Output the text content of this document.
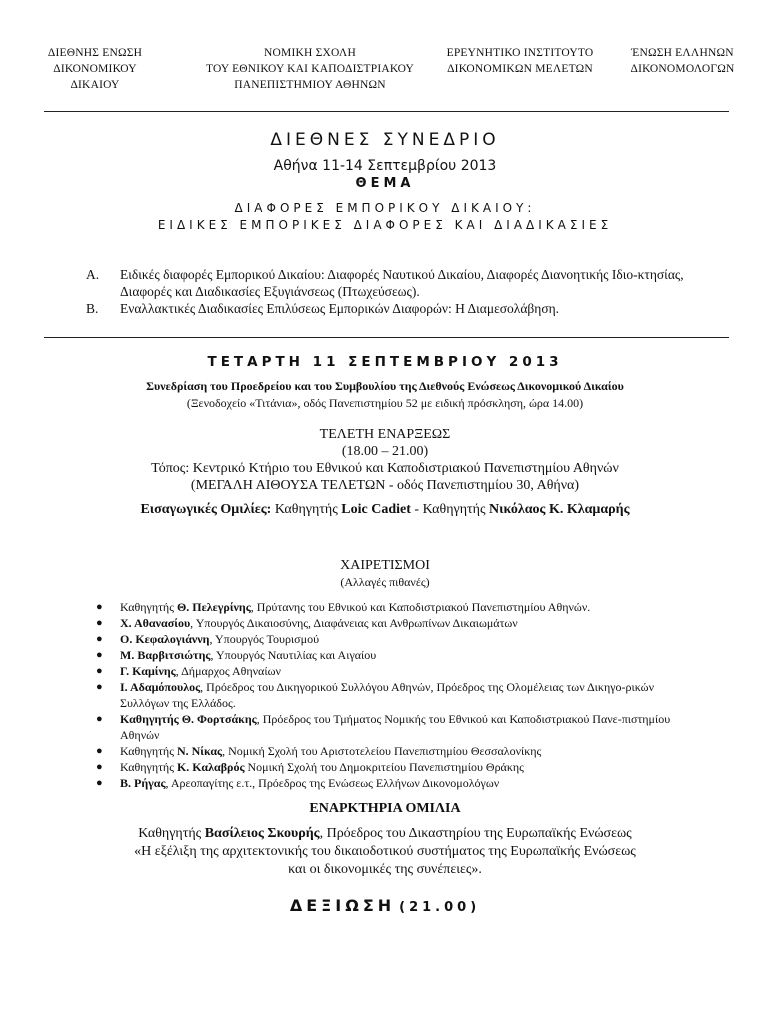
ΔΙΕΘΝΗΣ ΕΝΩΣΗ
ΔΙΚΟΝΟΜΙΚΟΥ ΔΙΚΑΙΟΥ
ΝΟΜΙΚΗ ΣΧΟΛΗ
ΤΟΥ ΕΘΝΙΚΟΥ ΚΑΙ ΚΑΠΟΔΙΣΤΡΙΑΚΟΥ
ΠΑΝΕΠΙΣΤΗΜΙΟΥ ΑΘΗΝΩΝ
ΕΡΕΥΝΗΤΙΚΟ ΙΝΣΤΙΤΟΥΤΟ
ΔΙΚΟΝΟΜΙΚΩΝ ΜΕΛΕΤΩΝ
ΈΝΩΣΗ ΕΛΛΗΝΩΝ
ΔΙΚΟΝΟΜΟΛΟΓΩΝ
ΔΙΕΘΝΕΣ ΣΥΝΕΔΡΙΟ
Αθήνα 11-14 Σεπτεμβρίου 2013
ΘΕΜΑ
ΔΙΑΦΟΡΕΣ ΕΜΠΟΡΙΚΟΥ ΔΙΚΑΙΟΥ:
ΕΙΔΙΚΕΣ ΕΜΠΟΡΙΚΕΣ ΔΙΑΦΟΡΕΣ ΚΑΙ ΔΙΑΔΙΚΑΣΙΕΣ

A. Ειδικές διαφορές Εμπορικού Δικαίου: Διαφορές Ναυτικού Δικαίου, Διαφορές Διανοητικής Ιδιο-κτησίας, Διαφορές και Διαδικασίες Εξυγιάνσεως (Πτωχεύσεως).

B. Εναλλακτικές Διαδικασίες Επιλύσεως Εμπορικών Διαφορών: Η Διαμεσολάβηση.

ΤΕΤΑΡΤΗ 11 ΣΕΠΤΕΜΒΡΙΟΥ 2013
Συνεδρίαση του Προεδρείου και του Συμβουλίου της Διεθνούς Ενώσεως Δικονομικού Δικαίου
(Ξενοδοχείο «Τιτάνια», οδός Πανεπιστημίου 52 με ειδική πρόσκληση, ώρα 14.00)
ΤΕΛΕΤΗ ΕΝΑΡΞΕΩΣ
(18.00 – 21.00)
Τόπος: Κεντρικό Κτήριο του Εθνικού και Καποδιστριακού Πανεπιστημίου Αθηνών
(ΜΕΓΑΛΗ ΑΙΘΟΥΣΑ ΤΕΛΕΤΩΝ - οδός Πανεπιστημίου 30, Αθήνα)
Εισαγωγικές Ομιλίες: Καθηγητής Loic Cadiet - Καθηγητής Νικόλαος Κ. Κλαμαρής
ΧΑΙΡΕΤΙΣΜΟΙ
(Αλλαγές πιθανές)
● Καθηγητής Θ. Πελεγρίνης, Πρύτανης του Εθνικού και Καποδιστριακού Πανεπιστημίου Αθηνών.
● Χ. Αθανασίου, Υπουργός Δικαιοσύνης, Διαφάνειας και Ανθρωπίνων Δικαιωμάτων
● Ο. Κεφαλογιάννη, Υπουργός Τουρισμού
● Μ. Βαρβιτσιώτης, Υπουργός Ναυτιλίας και Αιγαίου
● Γ. Καμίνης, Δήμαρχος Αθηναίων
● Ι. Αδαμόπουλος, Πρόεδρος του Δικηγορικού Συλλόγου Αθηνών, Πρόεδρος της Ολομέλειας των Δικηγο-ρικών Συλλόγων της Ελλάδος.
● Καθηγητής Θ. Φορτσάκης, Πρόεδρος του Τμήματος Νομικής του Εθνικού και Καποδιστριακού Πανε-πιστημίου Αθηνών
● Καθηγητής Ν. Νίκας, Νομική Σχολή του Αριστοτελείου Πανεπιστημίου Θεσσαλονίκης
● Καθηγητής Κ. Καλαβρός Νομική Σχολή του Δημοκριτείου Πανεπιστημίου Θράκης
● Β. Ρήγας, Αρεοπαγίτης ε.τ., Πρόεδρος της Ενώσεως Ελλήνων Δικονομολόγων
ΕΝΑΡΚΤΗΡΙΑ ΟΜΙΛΙΑ
Καθηγητής Βασίλειος Σκουρής, Πρόεδρος του Δικαστηρίου της Ευρωπαϊκής Ενώσεως
«Η εξέλιξη της αρχιτεκτονικής του δικαιοδοτικού συστήματος της Ευρωπαϊκής Ενώσεως
και οι δικονομικές της συνέπειες».
ΔΕΞΙΩΣΗ (21.00)
